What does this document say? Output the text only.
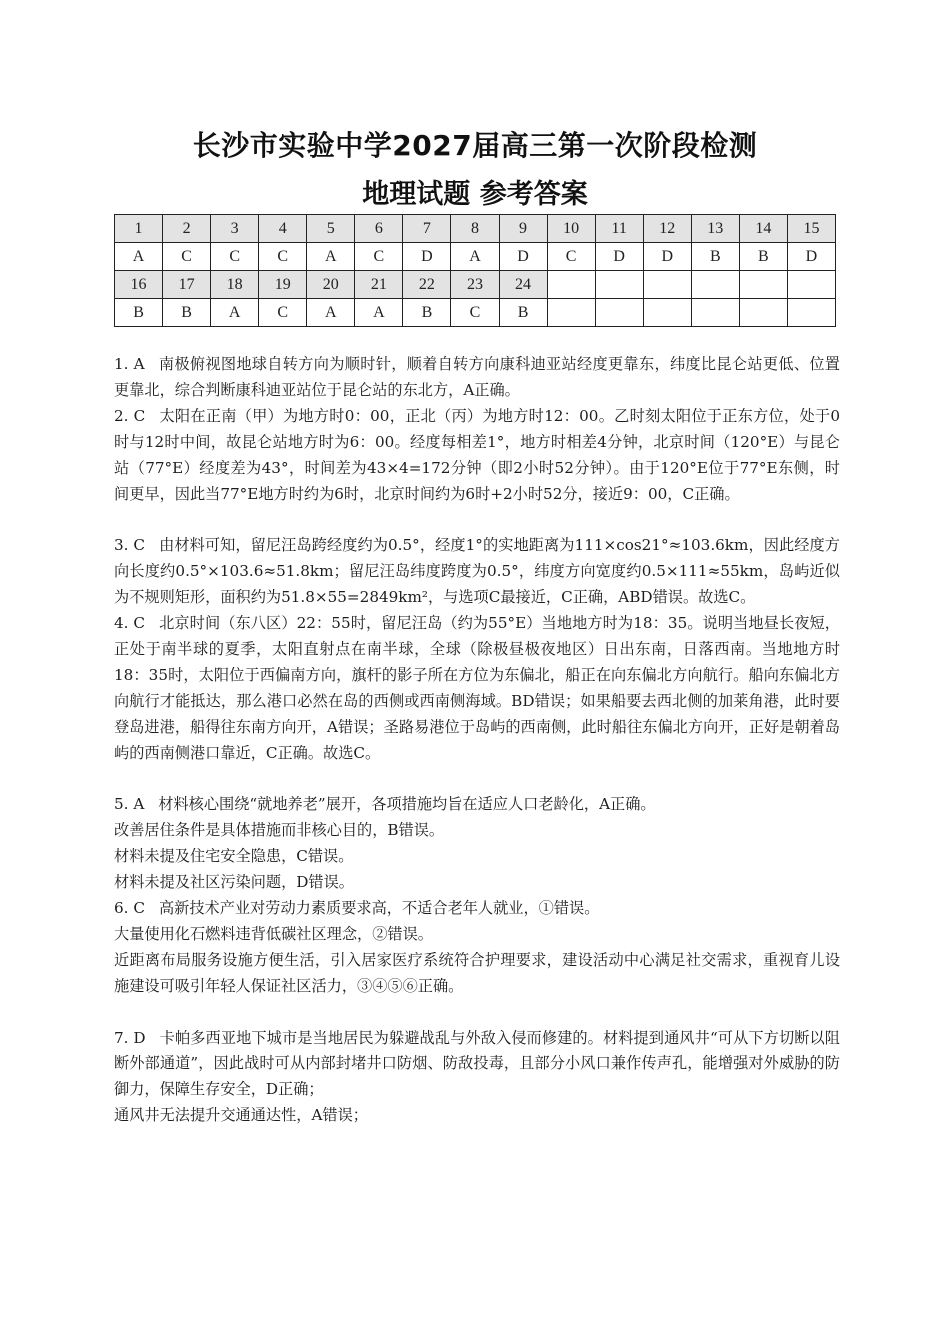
长沙市实验中学2027届高三第一次阶段检测
地理试题 参考答案
1	2	3	4	5	6	7	8	9	10	11	12	13	14	15
A	C	C	C	A	C	D	A	D	C	D	D	B	B	D
16	17	18	19	20	21	22	23	24						
B	B	A	C	A	A	B	C	B						

1. A 南极俯视图地球自转方向为顺时针，顺着自转方向康科迪亚站经度更靠东，纬度比昆仑站更低、位置更靠北，综合判断康科迪亚站位于昆仑站的东北方，A正确。

2. C 太阳在正南（甲）为地方时0：00，正北（丙）为地方时12：00。乙时刻太阳位于正东方位，处于0时与12时中间，故昆仑站地方时为6：00。经度每相差1°，地方时相差4分钟，北京时间（120°E）与昆仑站（77°E）经度差为43°，时间差为43×4=172分钟（即2小时52分钟）。由于120°E位于77°E东侧，时间更早，因此当77°E地方时约为6时，北京时间约为6时+2小时52分，接近9：00，C正确。

3. C 由材料可知，留尼汪岛跨经度约为0.5°，经度1°的实地距离为111×cos21°≈103.6km，因此经度方向长度约0.5°×103.6≈51.8km；留尼汪岛纬度跨度为0.5°，纬度方向宽度约0.5×111≈55km，岛屿近似为不规则矩形，面积约为51.8×55=2849km²，与选项C最接近，C正确，ABD错误。故选C。

4. C 北京时间（东八区）22：55时，留尼汪岛（约为55°E）当地地方时为18：35。说明当地昼长夜短，正处于南半球的夏季，太阳直射点在南半球，全球（除极昼极夜地区）日出东南，日落西南。当地地方时18：35时，太阳位于西偏南方向，旗杆的影子所在方位为东偏北，船正在向东偏北方向航行。船向东偏北方向航行才能抵达，那么港口必然在岛的西侧或西南侧海域。BD错误；如果船要去西北侧的加莱角港，此时要登岛进港，船得往东南方向开，A错误；圣路易港位于岛屿的西南侧，此时船往东偏北方向开，正好是朝着岛屿的西南侧港口靠近，C正确。故选C。

5. A 材料核心围绕“就地养老”展开，各项措施均旨在适应人口老龄化，A正确。

改善居住条件是具体措施而非核心目的，B错误。

材料未提及住宅安全隐患，C错误。

材料未提及社区污染问题，D错误。

6. C 高新技术产业对劳动力素质要求高，不适合老年人就业，①错误。

大量使用化石燃料违背低碳社区理念，②错误。

近距离布局服务设施方便生活，引入居家医疗系统符合护理要求，建设活动中心满足社交需求，重视育儿设施建设可吸引年轻人保证社区活力，③④⑤⑥正确。

7. D 卡帕多西亚地下城市是当地居民为躲避战乱与外敌入侵而修建的。材料提到通风井“可从下方切断以阻断外部通道”，因此战时可从内部封堵井口防烟、防敌投毒，且部分小风口兼作传声孔，能增强对外威胁的防御力，保障生存安全，D正确；

通风井无法提升交通通达性，A错误；
